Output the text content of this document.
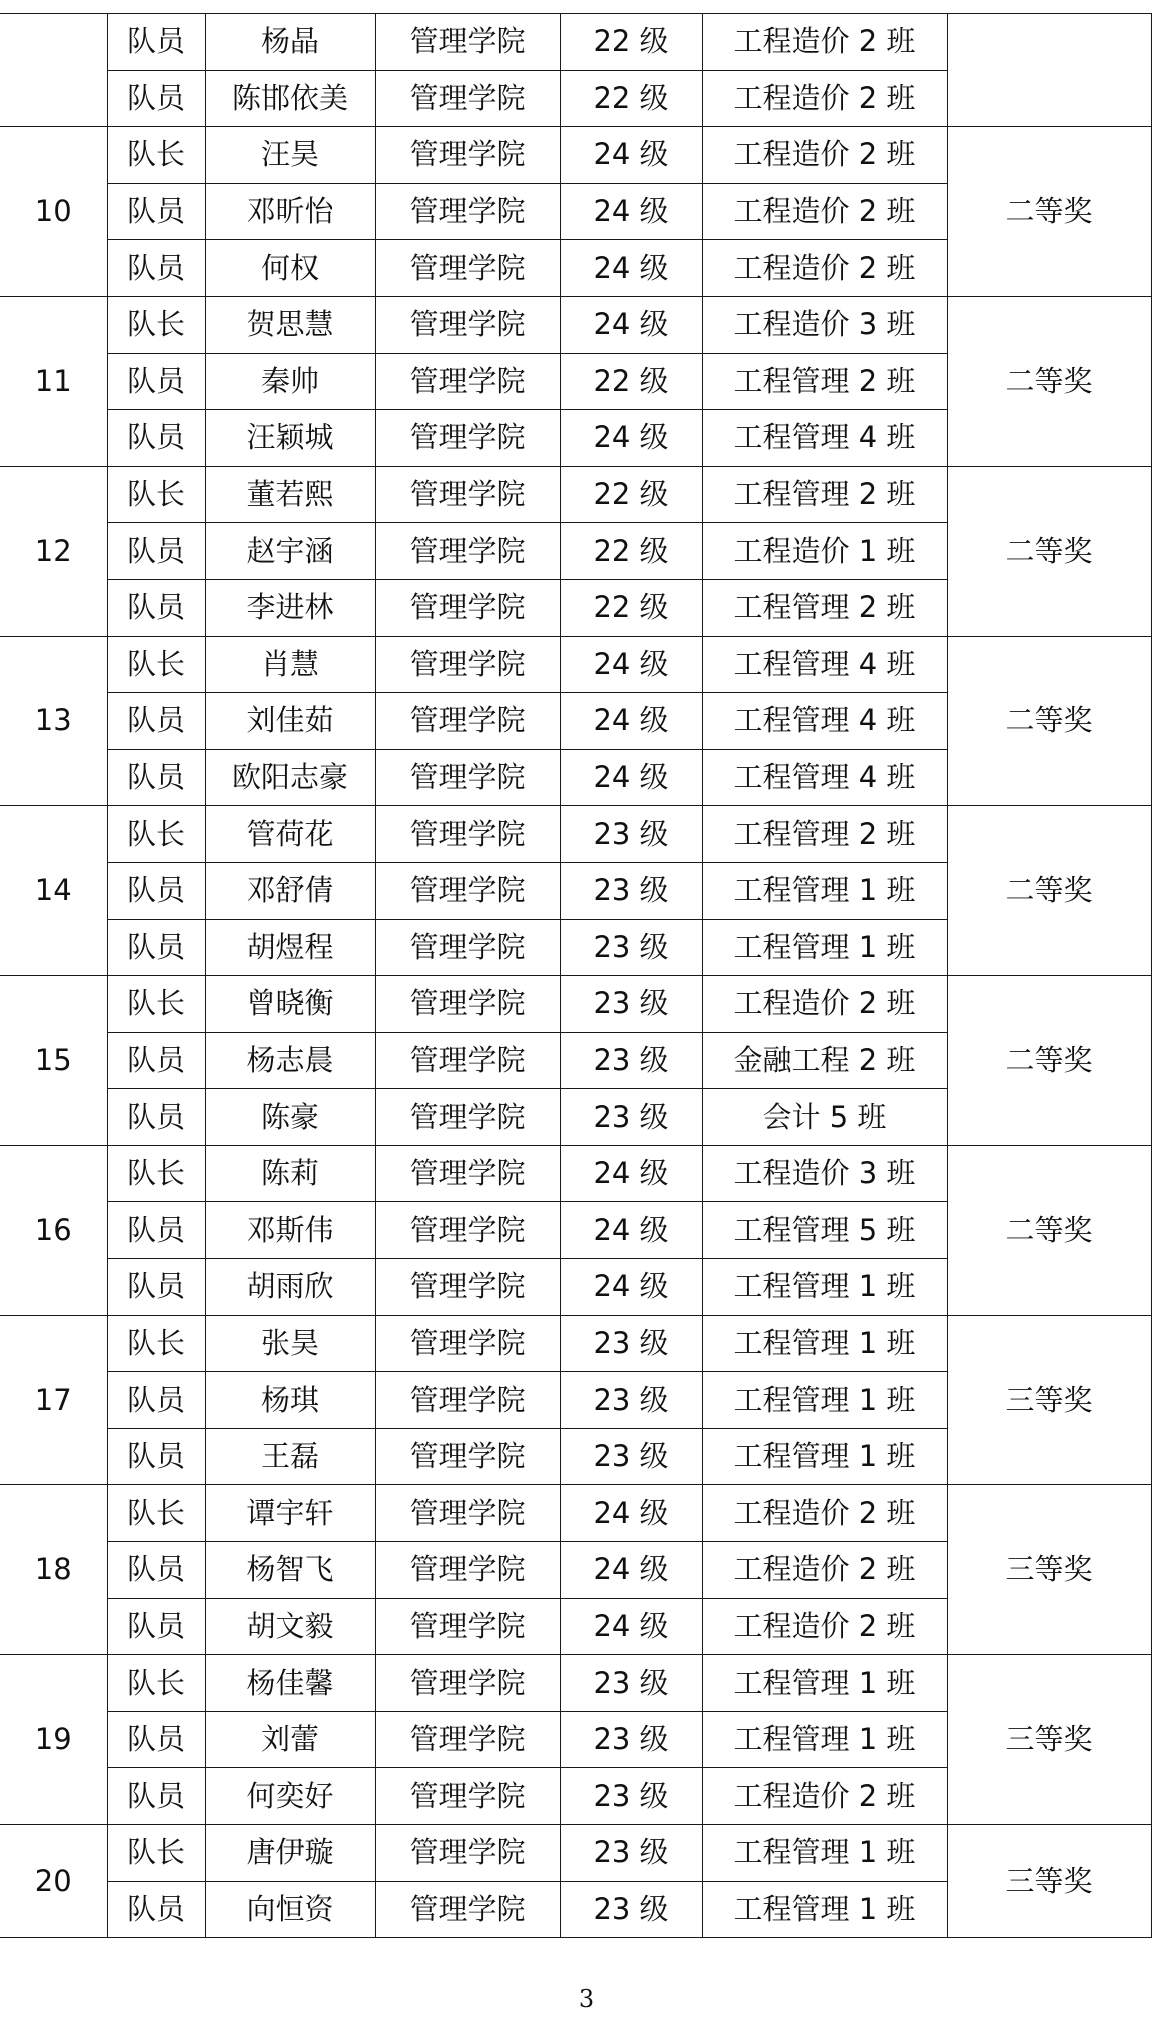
	队员	杨晶	管理学院	22 级	工程造价 2 班	
	队员	陈邯依美	管理学院	22 级	工程造价 2 班	
10	队长	汪昊	管理学院	24 级	工程造价 2 班	二等奖
	队员	邓昕怡	管理学院	24 级	工程造价 2 班	
	队员	何权	管理学院	24 级	工程造价 2 班	
11	队长	贺思慧	管理学院	24 级	工程造价 3 班	二等奖
	队员	秦帅	管理学院	22 级	工程管理 2 班	
	队员	汪颖城	管理学院	24 级	工程管理 4 班	
12	队长	董若熙	管理学院	22 级	工程管理 2 班	二等奖
	队员	赵宇涵	管理学院	22 级	工程造价 1 班	
	队员	李进林	管理学院	22 级	工程管理 2 班	
13	队长	肖慧	管理学院	24 级	工程管理 4 班	二等奖
	队员	刘佳茹	管理学院	24 级	工程管理 4 班	
	队员	欧阳志豪	管理学院	24 级	工程管理 4 班	
14	队长	管荷花	管理学院	23 级	工程管理 2 班	二等奖
	队员	邓舒倩	管理学院	23 级	工程管理 1 班	
	队员	胡煜程	管理学院	23 级	工程管理 1 班	
15	队长	曾晓衡	管理学院	23 级	工程造价 2 班	二等奖
	队员	杨志晨	管理学院	23 级	金融工程 2 班	
	队员	陈豪	管理学院	23 级	会计 5 班	
16	队长	陈莉	管理学院	24 级	工程造价 3 班	二等奖
	队员	邓斯伟	管理学院	24 级	工程管理 5 班	
	队员	胡雨欣	管理学院	24 级	工程管理 1 班	
17	队长	张昊	管理学院	23 级	工程管理 1 班	三等奖
	队员	杨琪	管理学院	23 级	工程管理 1 班	
	队员	王磊	管理学院	23 级	工程管理 1 班	
18	队长	谭宇轩	管理学院	24 级	工程造价 2 班	三等奖
	队员	杨智飞	管理学院	24 级	工程造价 2 班	
	队员	胡文毅	管理学院	24 级	工程造价 2 班	
19	队长	杨佳馨	管理学院	23 级	工程管理 1 班	三等奖
	队员	刘蕾	管理学院	23 级	工程管理 1 班	
	队员	何奕好	管理学院	23 级	工程造价 2 班	
20	队长	唐伊璇	管理学院	23 级	工程管理 1 班	三等奖
	队员	向恒资	管理学院	23 级	工程管理 1 班	
3
